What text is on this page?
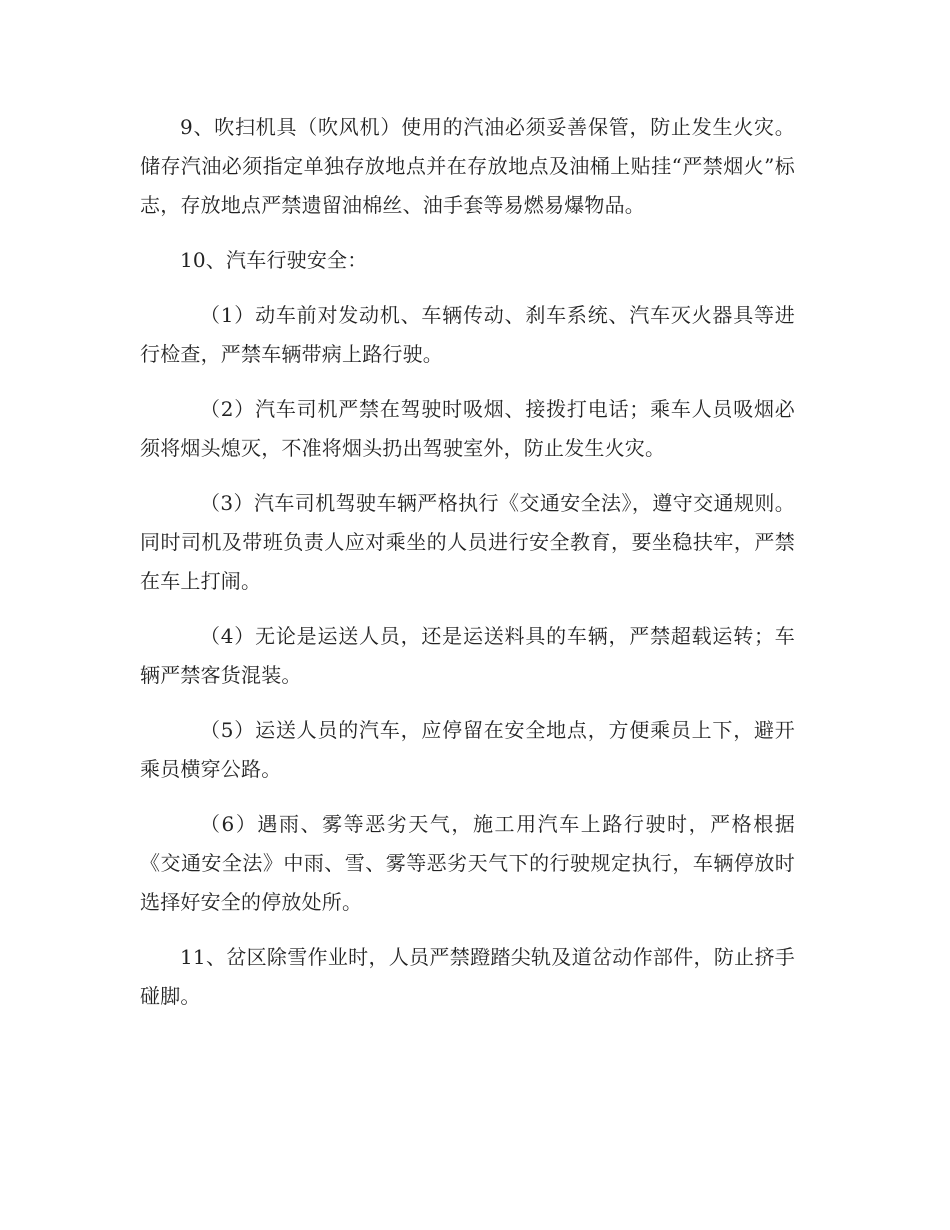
9、吹扫机具（吹风机）使用的汽油必须妥善保管，防止发生火灾。储存汽油必须指定单独存放地点并在存放地点及油桶上贴挂“严禁烟火”标志，存放地点严禁遗留油棉丝、油手套等易燃易爆物品。

10、汽车行驶安全：

（1）动车前对发动机、车辆传动、刹车系统、汽车灭火器具等进行检查，严禁车辆带病上路行驶。

（2）汽车司机严禁在驾驶时吸烟、接拨打电话；乘车人员吸烟必须将烟头熄灭，不准将烟头扔出驾驶室外，防止发生火灾。

（3）汽车司机驾驶车辆严格执行《交通安全法》，遵守交通规则。同时司机及带班负责人应对乘坐的人员进行安全教育，要坐稳扶牢，严禁在车上打闹。

（4）无论是运送人员，还是运送料具的车辆，严禁超载运转；车辆严禁客货混装。

（5）运送人员的汽车，应停留在安全地点，方便乘员上下，避开乘员横穿公路。

（6）遇雨、雾等恶劣天气，施工用汽车上路行驶时，严格根据《交通安全法》中雨、雪、雾等恶劣天气下的行驶规定执行，车辆停放时选择好安全的停放处所。

11、岔区除雪作业时，人员严禁蹬踏尖轨及道岔动作部件，防止挤手碰脚。
